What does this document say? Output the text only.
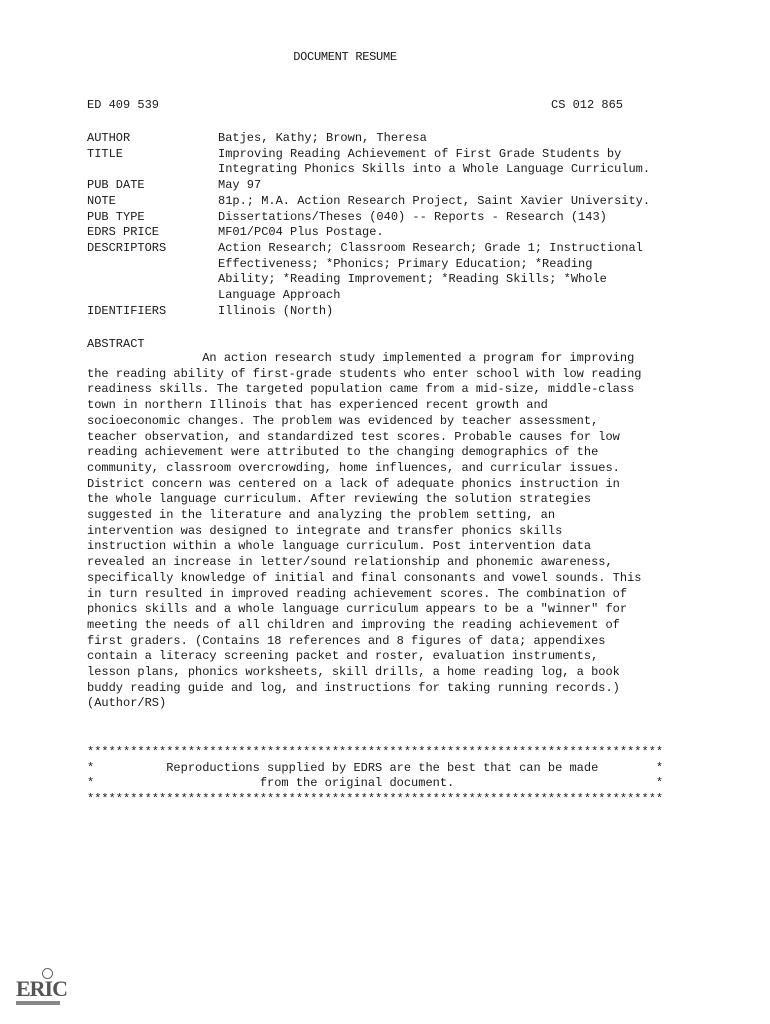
DOCUMENT RESUME
ED 409 539	CS 012 865
AUTHOR	Batjes, Kathy; Brown, Theresa
TITLE	Improving Reading Achievement of First Grade Students by
Integrating Phonics Skills into a Whole Language Curriculum.
PUB DATE	May 97
NOTE	81p.; M.A. Action Research Project, Saint Xavier University.
PUB TYPE	Dissertations/Theses (040) -- Reports - Research (143)
EDRS PRICE	MF01/PC04 Plus Postage.
DESCRIPTORS	Action Research; Classroom Research; Grade 1; Instructional
Effectiveness; *Phonics; Primary Education; *Reading
Ability; *Reading Improvement; *Reading Skills; *Whole
Language Approach
IDENTIFIERS	Illinois (North)
ABSTRACT
An action research study implemented a program for improving
the reading ability of first-grade students who enter school with low reading
readiness skills. The targeted population came from a mid-size, middle-class
town in northern Illinois that has experienced recent growth and
socioeconomic changes. The problem was evidenced by teacher assessment,
teacher observation, and standardized test scores. Probable causes for low
reading achievement were attributed to the changing demographics of the
community, classroom overcrowding, home influences, and curricular issues.
District concern was centered on a lack of adequate phonics instruction in
the whole language curriculum. After reviewing the solution strategies
suggested in the literature and analyzing the problem setting, an
intervention was designed to integrate and transfer phonics skills
instruction within a whole language curriculum. Post intervention data
revealed an increase in letter/sound relationship and phonemic awareness,
specifically knowledge of initial and final consonants and vowel sounds. This
in turn resulted in improved reading achievement scores. The combination of
phonics skills and a whole language curriculum appears to be a "winner" for
meeting the needs of all children and improving the reading achievement of
first graders. (Contains 18 references and 8 figures of data; appendixes
contain a literacy screening packet and roster, evaluation instruments,
lesson plans, phonics worksheets, skill drills, a home reading log, a book
buddy reading guide and log, and instructions for taking running records.)
(Author/RS)
********************************************************************************
*          Reproductions supplied by EDRS are the best that can be made        *
*                       from the original document.                            *
********************************************************************************
ERIC
